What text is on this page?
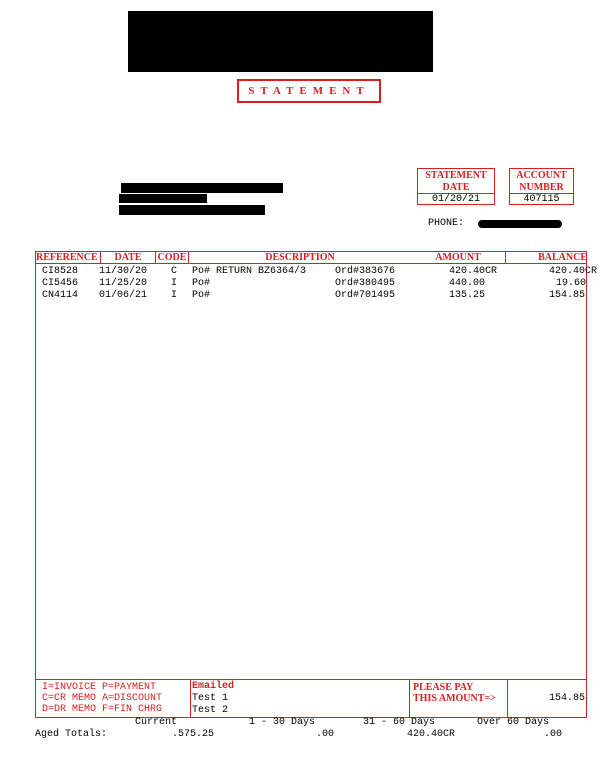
STATEMENT
STATEMENT
DATE
01/20/21
ACCOUNT
NUMBER
407115
PHONE:
REFERENCE	DATE	CODE	DESCRIPTION	AMOUNT	BALANCE
CI8528 11/30/20 C Po# RETURN BZ6364/3	Ord#383676	420.40CR	420.40CR
CI5456 11/25/20 I Po#	Ord#380495	440.00	19.60
CN4114 01/06/21 I Po#	Ord#701495	135.25	154.85
I=INVOICE P=PAYMENT
C=CR MEMO A=DISCOUNT
D=DR MEMO F=FIN CHRG
Emailed
Test 1
Test 2
PLEASE PAY
THIS AMOUNT=>	154.85
Current	1 - 30 Days	31 - 60 Days	Over 60 Days
Aged Totals:	.575.25	.00	420.40CR	.00
